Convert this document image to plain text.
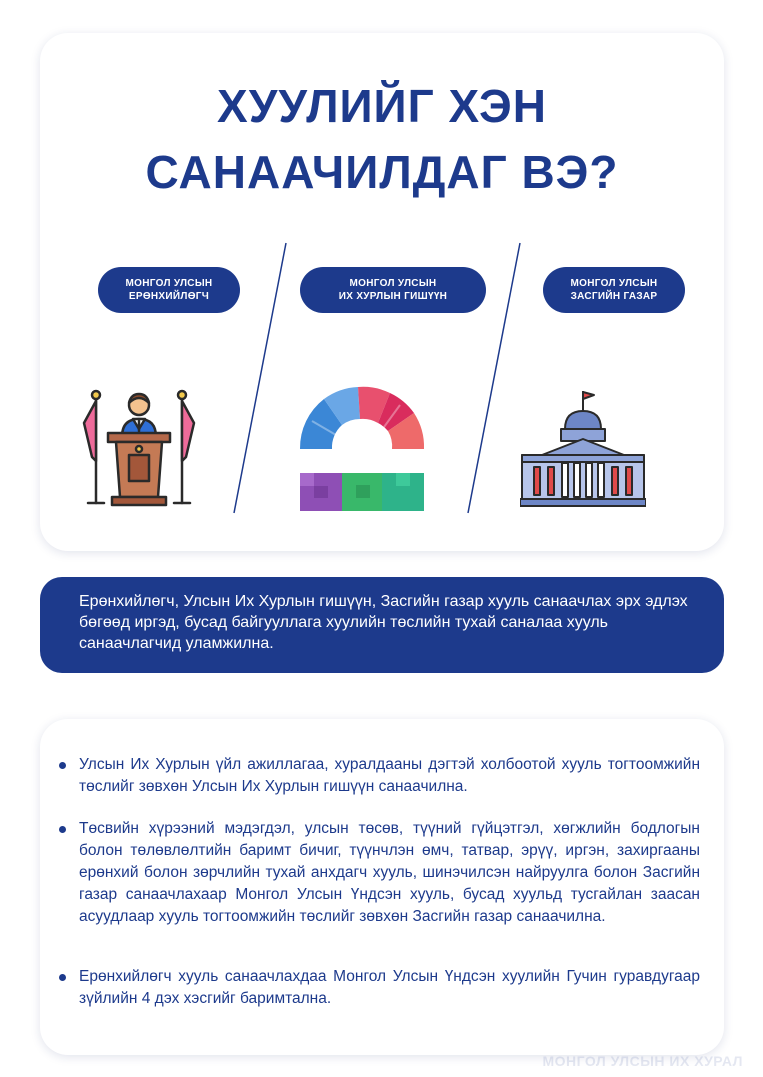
ХУУЛИЙГ ХЭН
САНААЧИЛДАГ ВЭ?
МОНГОЛ УЛСЫН
ЕРӨНХИЙЛӨГЧ
МОНГОЛ УЛСЫН
ИХ ХУРЛЫН ГИШҮҮН
МОНГОЛ УЛСЫН
ЗАСГИЙН ГАЗАР

Ерөнхийлөгч, Улсын Их Хурлын гишүүн, Засгийн газар хууль санаачлах эрх эдлэх бөгөөд иргэд, бусад байгууллага хуулийн төслийн тухай саналаа хууль санаачлагчид уламжилна.

Улсын Их Хурлын үйл ажиллагаа, хуралдааны дэгтэй холбоотой хууль тогтоомжийн төслийг зөвхөн Улсын Их Хурлын гишүүн санаачилна.
Төсвийн хүрээний мэдэгдэл, улсын төсөв, түүний гүйцэтгэл, хөгжлийн бодлогын болон төлөвлөлтийн баримт бичиг, түүнчлэн өмч, татвар, эрүү, иргэн, захиргааны ерөнхий болон зөрчлийн тухай анхдагч хууль, шинэчилсэн найруулга болон Засгийн газар санаачлахаар Монгол Улсын Үндсэн хууль, бусад хуульд тусгайлан заасан асуудлаар хууль тогтоомжийн төслийг зөвхөн Засгийн газар санаачилна.
Ерөнхийлөгч хууль санаачлахдаа Монгол Улсын Үндсэн хуулийн Гучин гуравдугаар зүйлийн 4 дэх хэсгийг баримтална.
МОНГОЛ УЛСЫН ИХ ХУРАЛ
